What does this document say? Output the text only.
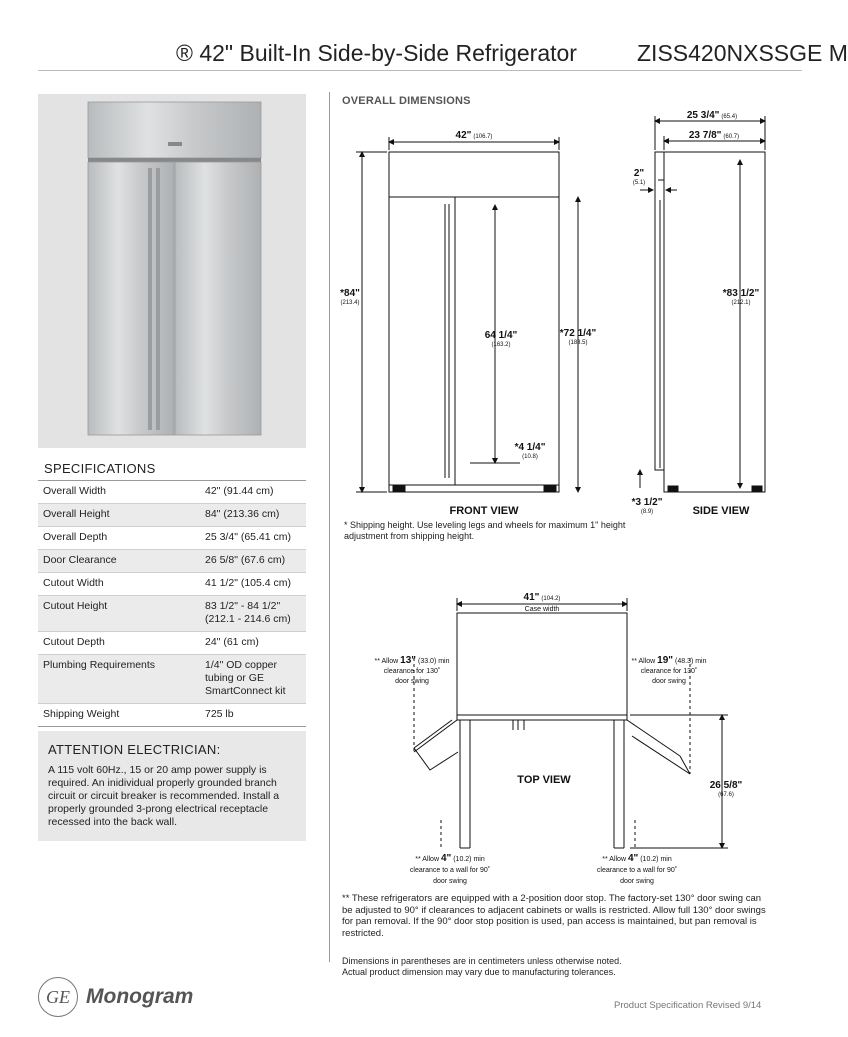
® 42" Built-In Side-by-Side Refrigerator	ZISS420NXSSGE M
SPECIFICATIONS
Overall Width	42" (91.44 cm)
Overall Height	84" (213.36 cm)
Overall Depth	25 3/4" (65.41 cm)
Door Clearance	26 5/8" (67.6 cm)
Cutout Width	41 1/2" (105.4 cm)
Cutout Height	83 1/2" - 84 1/2" (212.1 - 214.6 cm)
Cutout Depth	24" (61 cm)
Plumbing Requirements	1/4" OD copper tubing or GE SmartConnect kit
Shipping Weight	725 lb
ATTENTION ELECTRICIAN:
A 115 volt 60Hz., 15 or 20 amp power supply is required. An inidividual properly grounded branch circuit or circuit breaker is recommended. Install a properly grounded 3-prong electrical receptacle recessed into the back wall.
OVERALL DIMENSIONS
42" (106.7)
*84"
(213.4)
64 1/4"
(163.2)
*72 1/4"
(183.5)
*4 1/4"
(10.8)
FRONT VIEW
25 3/4" (65.4)
23 7/8" (60.7)
2"
(5.1)
*83 1/2"
(212.1)
*3 1/2"
(8.9)	SIDE VIEW
41" (104.2)
Case width
** Allow 13" (33.0) min
clearance for 130˚
door swing
** Allow 19" (48.3) min
clearance for 130˚
door swing
26 5/8"
(67.6)
TOP VIEW
** Allow 4" (10.2) min
clearance to a wall for 90˚
door swing
** Allow 4" (10.2) min
clearance to a wall for 90˚
door swing
* Shipping height. Use leveling legs and wheels for maximum 1" height adjustment from shipping height.
** These refrigerators are equipped with a 2-position door stop. The factory-set 130° door swing can be adjusted to 90° if clearances to adjacent cabinets or walls is restricted. Allow full 130° door swings for pan removal. If the 90° door stop position is used, pan access is maintained, but pan removal is restricted.
Dimensions in parentheses are in centimeters unless otherwise noted.
Actual product dimension may vary due to manufacturing tolerances.
GE Monogram	Product Specification Revised 9/14
